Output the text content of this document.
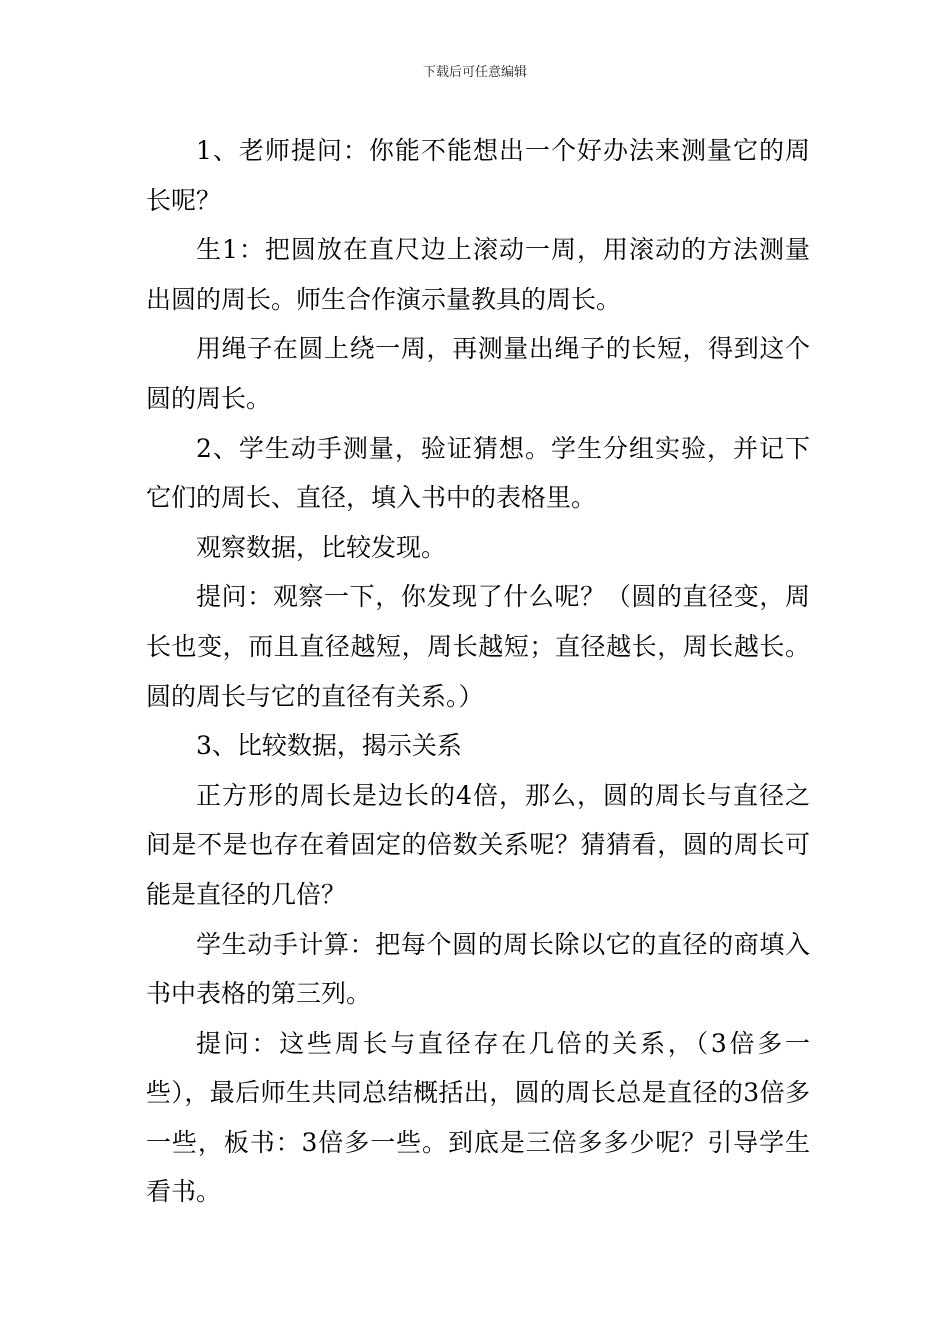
下载后可任意编辑

1、老师提问：你能不能想出一个好办法来测量它的周长呢？

生1：把圆放在直尺边上滚动一周，用滚动的方法测量出圆的周长。师生合作演示量教具的周长。

用绳子在圆上绕一周，再测量出绳子的长短，得到这个圆的周长。

2、学生动手测量，验证猜想。学生分组实验，并记下它们的周长、直径，填入书中的表格里。

观察数据，比较发现。

提问：观察一下，你发现了什么呢？（圆的直径变，周长也变，而且直径越短，周长越短；直径越长，周长越长。圆的周长与它的直径有关系。）

3、比较数据，揭示关系

正方形的周长是边长的4倍，那么，圆的周长与直径之间是不是也存在着固定的倍数关系呢？猜猜看，圆的周长可能是直径的几倍？

学生动手计算：把每个圆的周长除以它的直径的商填入书中表格的第三列。

提问：这些周长与直径存在几倍的关系，（3倍多一些），最后师生共同总结概括出，圆的周长总是直径的3倍多一些，板书：3倍多一些。到底是三倍多多少呢？引导学生看书。
